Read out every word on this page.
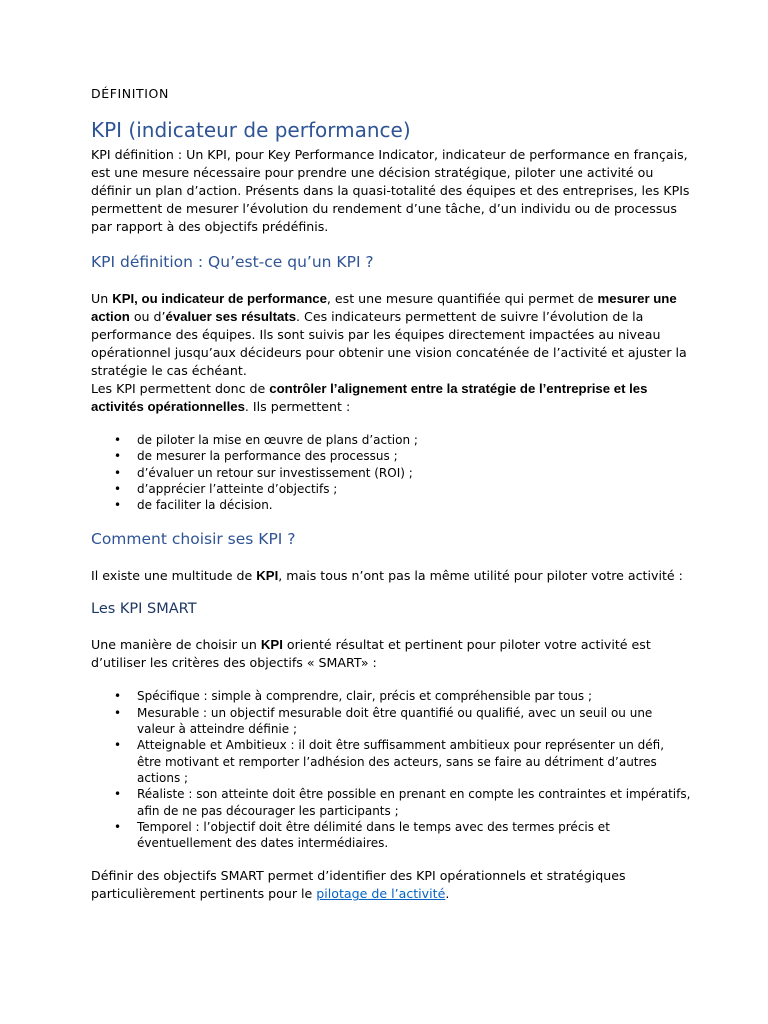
DÉFINITION
KPI (indicateur de performance)

KPI définition : Un KPI, pour Key Performance Indicator, indicateur de performance en français, est une mesure nécessaire pour prendre une décision stratégique, piloter une activité ou définir un plan d’action. Présents dans la quasi-totalité des équipes et des entreprises, les KPIs permettent de mesurer l’évolution du rendement d’une tâche, d’un individu ou de processus par rapport à des objectifs prédéfinis.

KPI définition : Qu’est-ce qu’un KPI ?

Un KPI, ou indicateur de performance, est une mesure quantifiée qui permet de mesurer une action ou d’évaluer ses résultats. Ces indicateurs permettent de suivre l’évolution de la performance des équipes. Ils sont suivis par les équipes directement impactées au niveau opérationnel jusqu’aux décideurs pour obtenir une vision concaténée de l’activité et ajuster la stratégie le cas échéant.

Les KPI permettent donc de contrôler l’alignement entre la stratégie de l’entreprise et les activités opérationnelles. Ils permettent :

• de piloter la mise en œuvre de plans d’action ;
• de mesurer la performance des processus ;
• d’évaluer un retour sur investissement (ROI) ;
• d’apprécier l’atteinte d’objectifs ;
• de faciliter la décision.
Comment choisir ses KPI ?

Il existe une multitude de KPI, mais tous n’ont pas la même utilité pour piloter votre activité :

Les KPI SMART

Une manière de choisir un KPI orienté résultat et pertinent pour piloter votre activité est d’utiliser les critères des objectifs « SMART» :

• Spécifique : simple à comprendre, clair, précis et compréhensible par tous ;
• Mesurable : un objectif mesurable doit être quantifié ou qualifié, avec un seuil ou une valeur à atteindre définie ;
• Atteignable et Ambitieux : il doit être suffisamment ambitieux pour représenter un défi, être motivant et remporter l’adhésion des acteurs, sans se faire au détriment d’autres actions ;
• Réaliste : son atteinte doit être possible en prenant en compte les contraintes et impératifs, afin de ne pas décourager les participants ;
• Temporel : l’objectif doit être délimité dans le temps avec des termes précis et éventuellement des dates intermédiaires.

Définir des objectifs SMART permet d’identifier des KPI opérationnels et stratégiques particulièrement pertinents pour le pilotage de l’activité.
